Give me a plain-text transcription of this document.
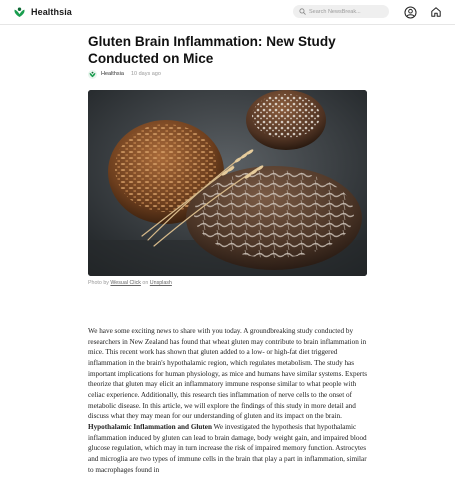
Healthsia
Search NewsBreak...
Gluten Brain Inflammation: New Study Conducted on Mice
Healthsia 10 days ago
Photo by Wesual Click on Unsplash

We have some exciting news to share with you today. A groundbreaking study conducted by researchers in New Zealand has found that wheat gluten may contribute to brain inflammation in mice. This recent work has shown that gluten added to a low- or high-fat diet triggered inflammation in the brain's hypothalamic region, which regulates metabolism. The study has important implications for human physiology, as mice and humans have similar systems. Experts theorize that gluten may elicit an inflammatory immune response similar to what people with celiac experience. Additionally, this research ties inflammation of nerve cells to the onset of metabolic disease. In this article, we will explore the findings of this study in more detail and discuss what they may mean for our understanding of gluten and its impact on the brain. Hypothalamic Inflammation and Gluten We investigated the hypothesis that hypothalamic inflammation induced by gluten can lead to brain damage, body weight gain, and impaired blood glucose regulation, which may in turn increase the risk of impaired memory function. Astrocytes and microglia are two types of immune cells in the brain that play a part in inflammation, similar to macrophages found in
